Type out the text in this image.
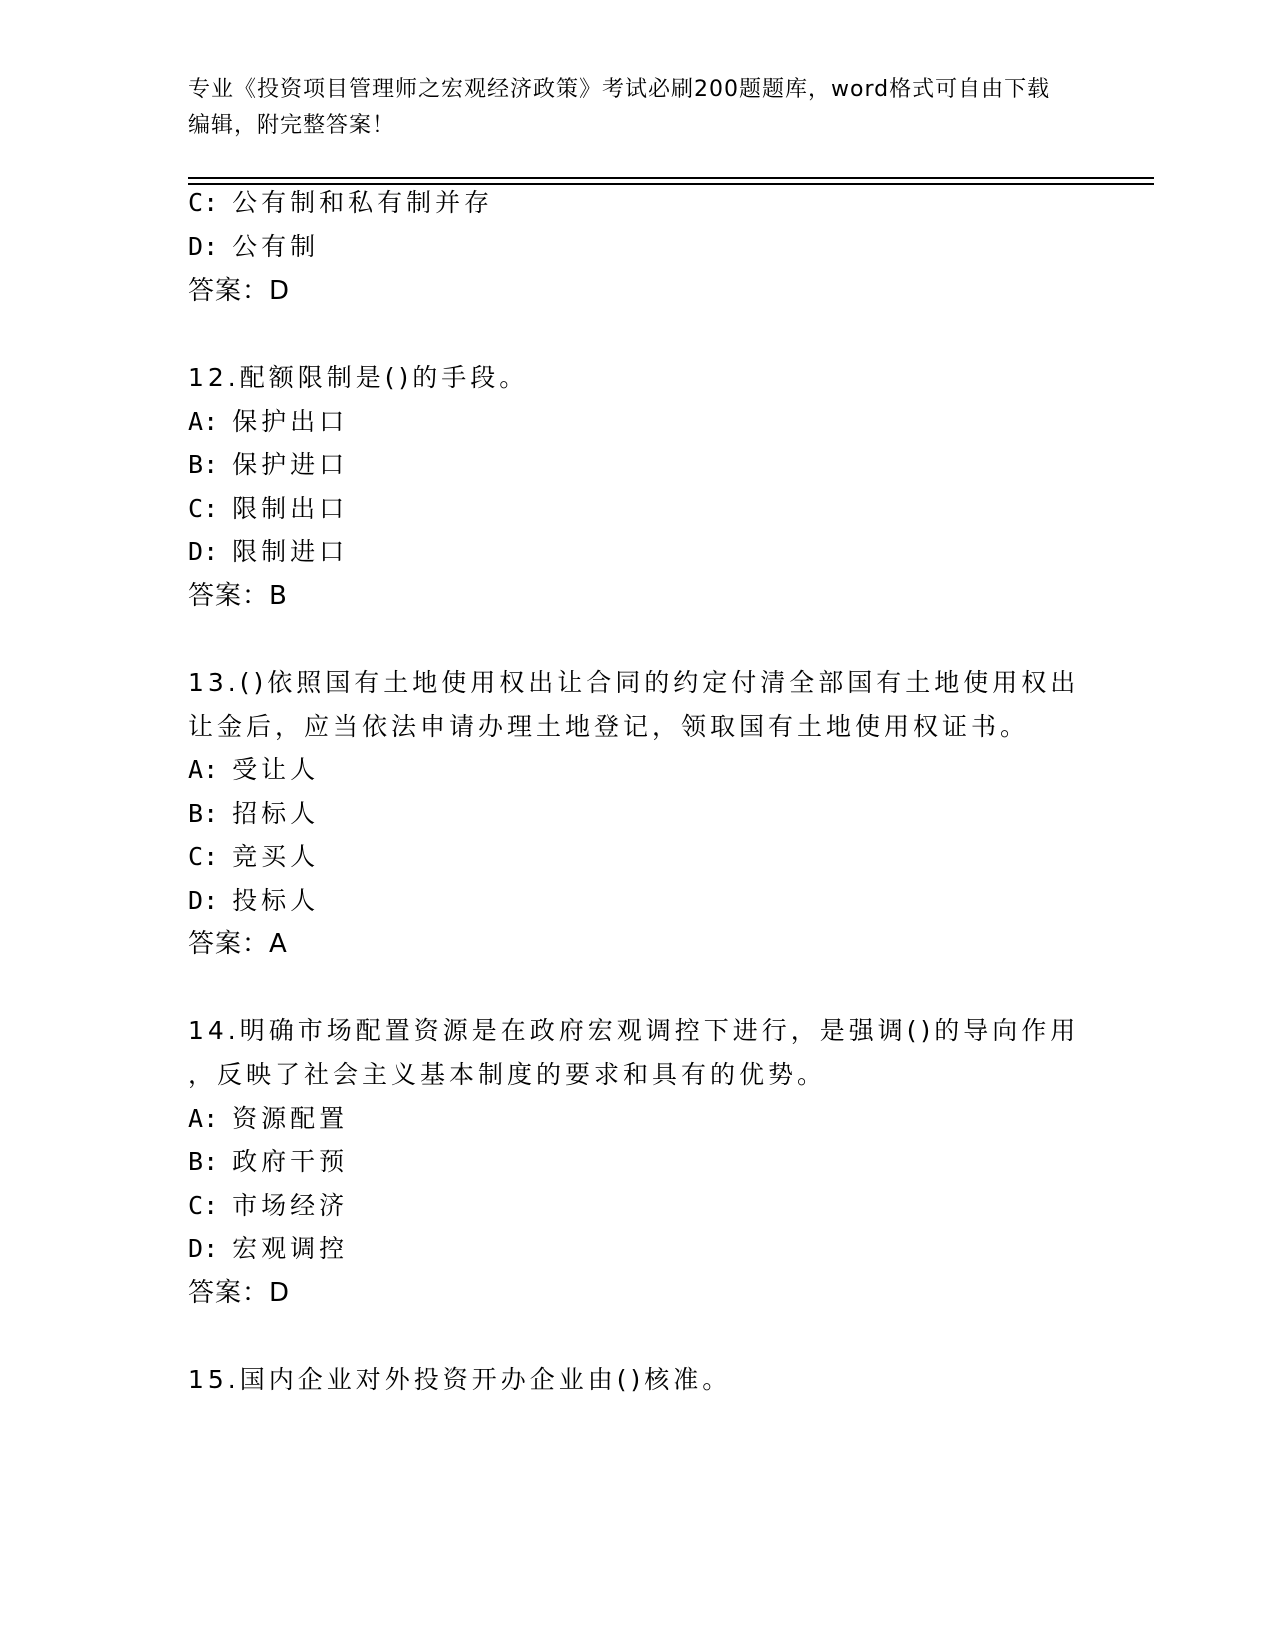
专业《投资项目管理师之宏观经济政策》考试必刷200题题库，word格式可自由下载编辑，附完整答案！
C: 公有制和私有制并存
D: 公有制
答案：D
12.配额限制是()的手段。
A: 保护出口
B: 保护进口
C: 限制出口
D: 限制进口
答案：B
13.()依照国有土地使用权出让合同的约定付清全部国有土地使用权出
让金后，应当依法申请办理土地登记，领取国有土地使用权证书。
A: 受让人
B: 招标人
C: 竞买人
D: 投标人
答案：A
14.明确市场配置资源是在政府宏观调控下进行，是强调()的导向作用
，反映了社会主义基本制度的要求和具有的优势。
A: 资源配置
B: 政府干预
C: 市场经济
D: 宏观调控
答案：D
15.国内企业对外投资开办企业由()核准。
